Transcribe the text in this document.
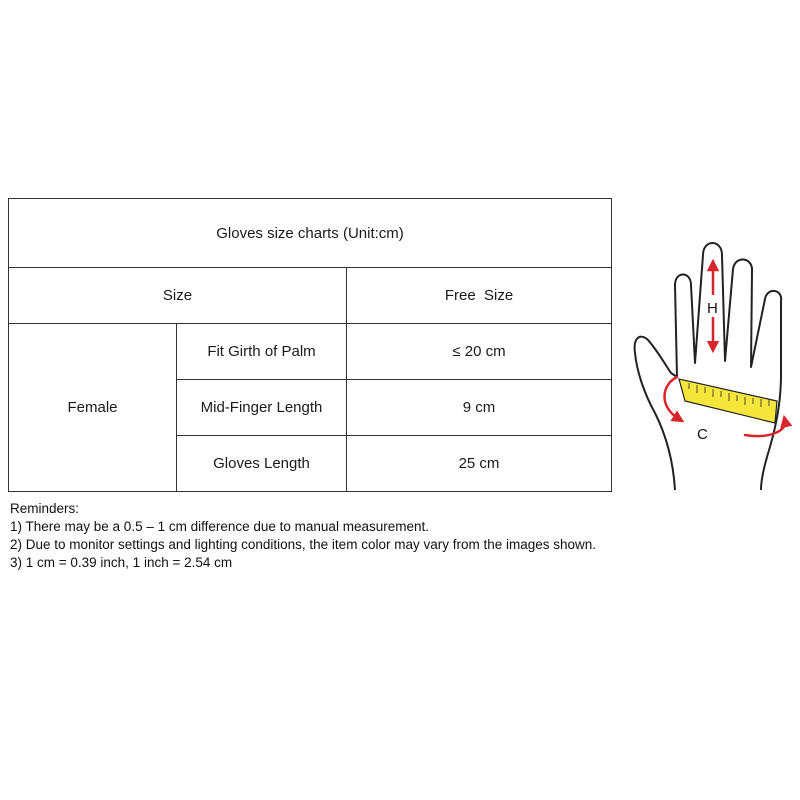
Gloves size charts (Unit:cm)		
Size		Free  Size
Female	Fit Girth of Palm	≤ 20 cm
	Mid-Finger Length	9 cm
	Gloves Length	25 cm
Reminders:
1) There may be a 0.5 – 1 cm difference due to manual measurement.
2) Due to monitor settings and lighting conditions, the item color may vary from the images shown.
3) 1 cm = 0.39 inch, 1 inch = 2.54 cm
H
C
